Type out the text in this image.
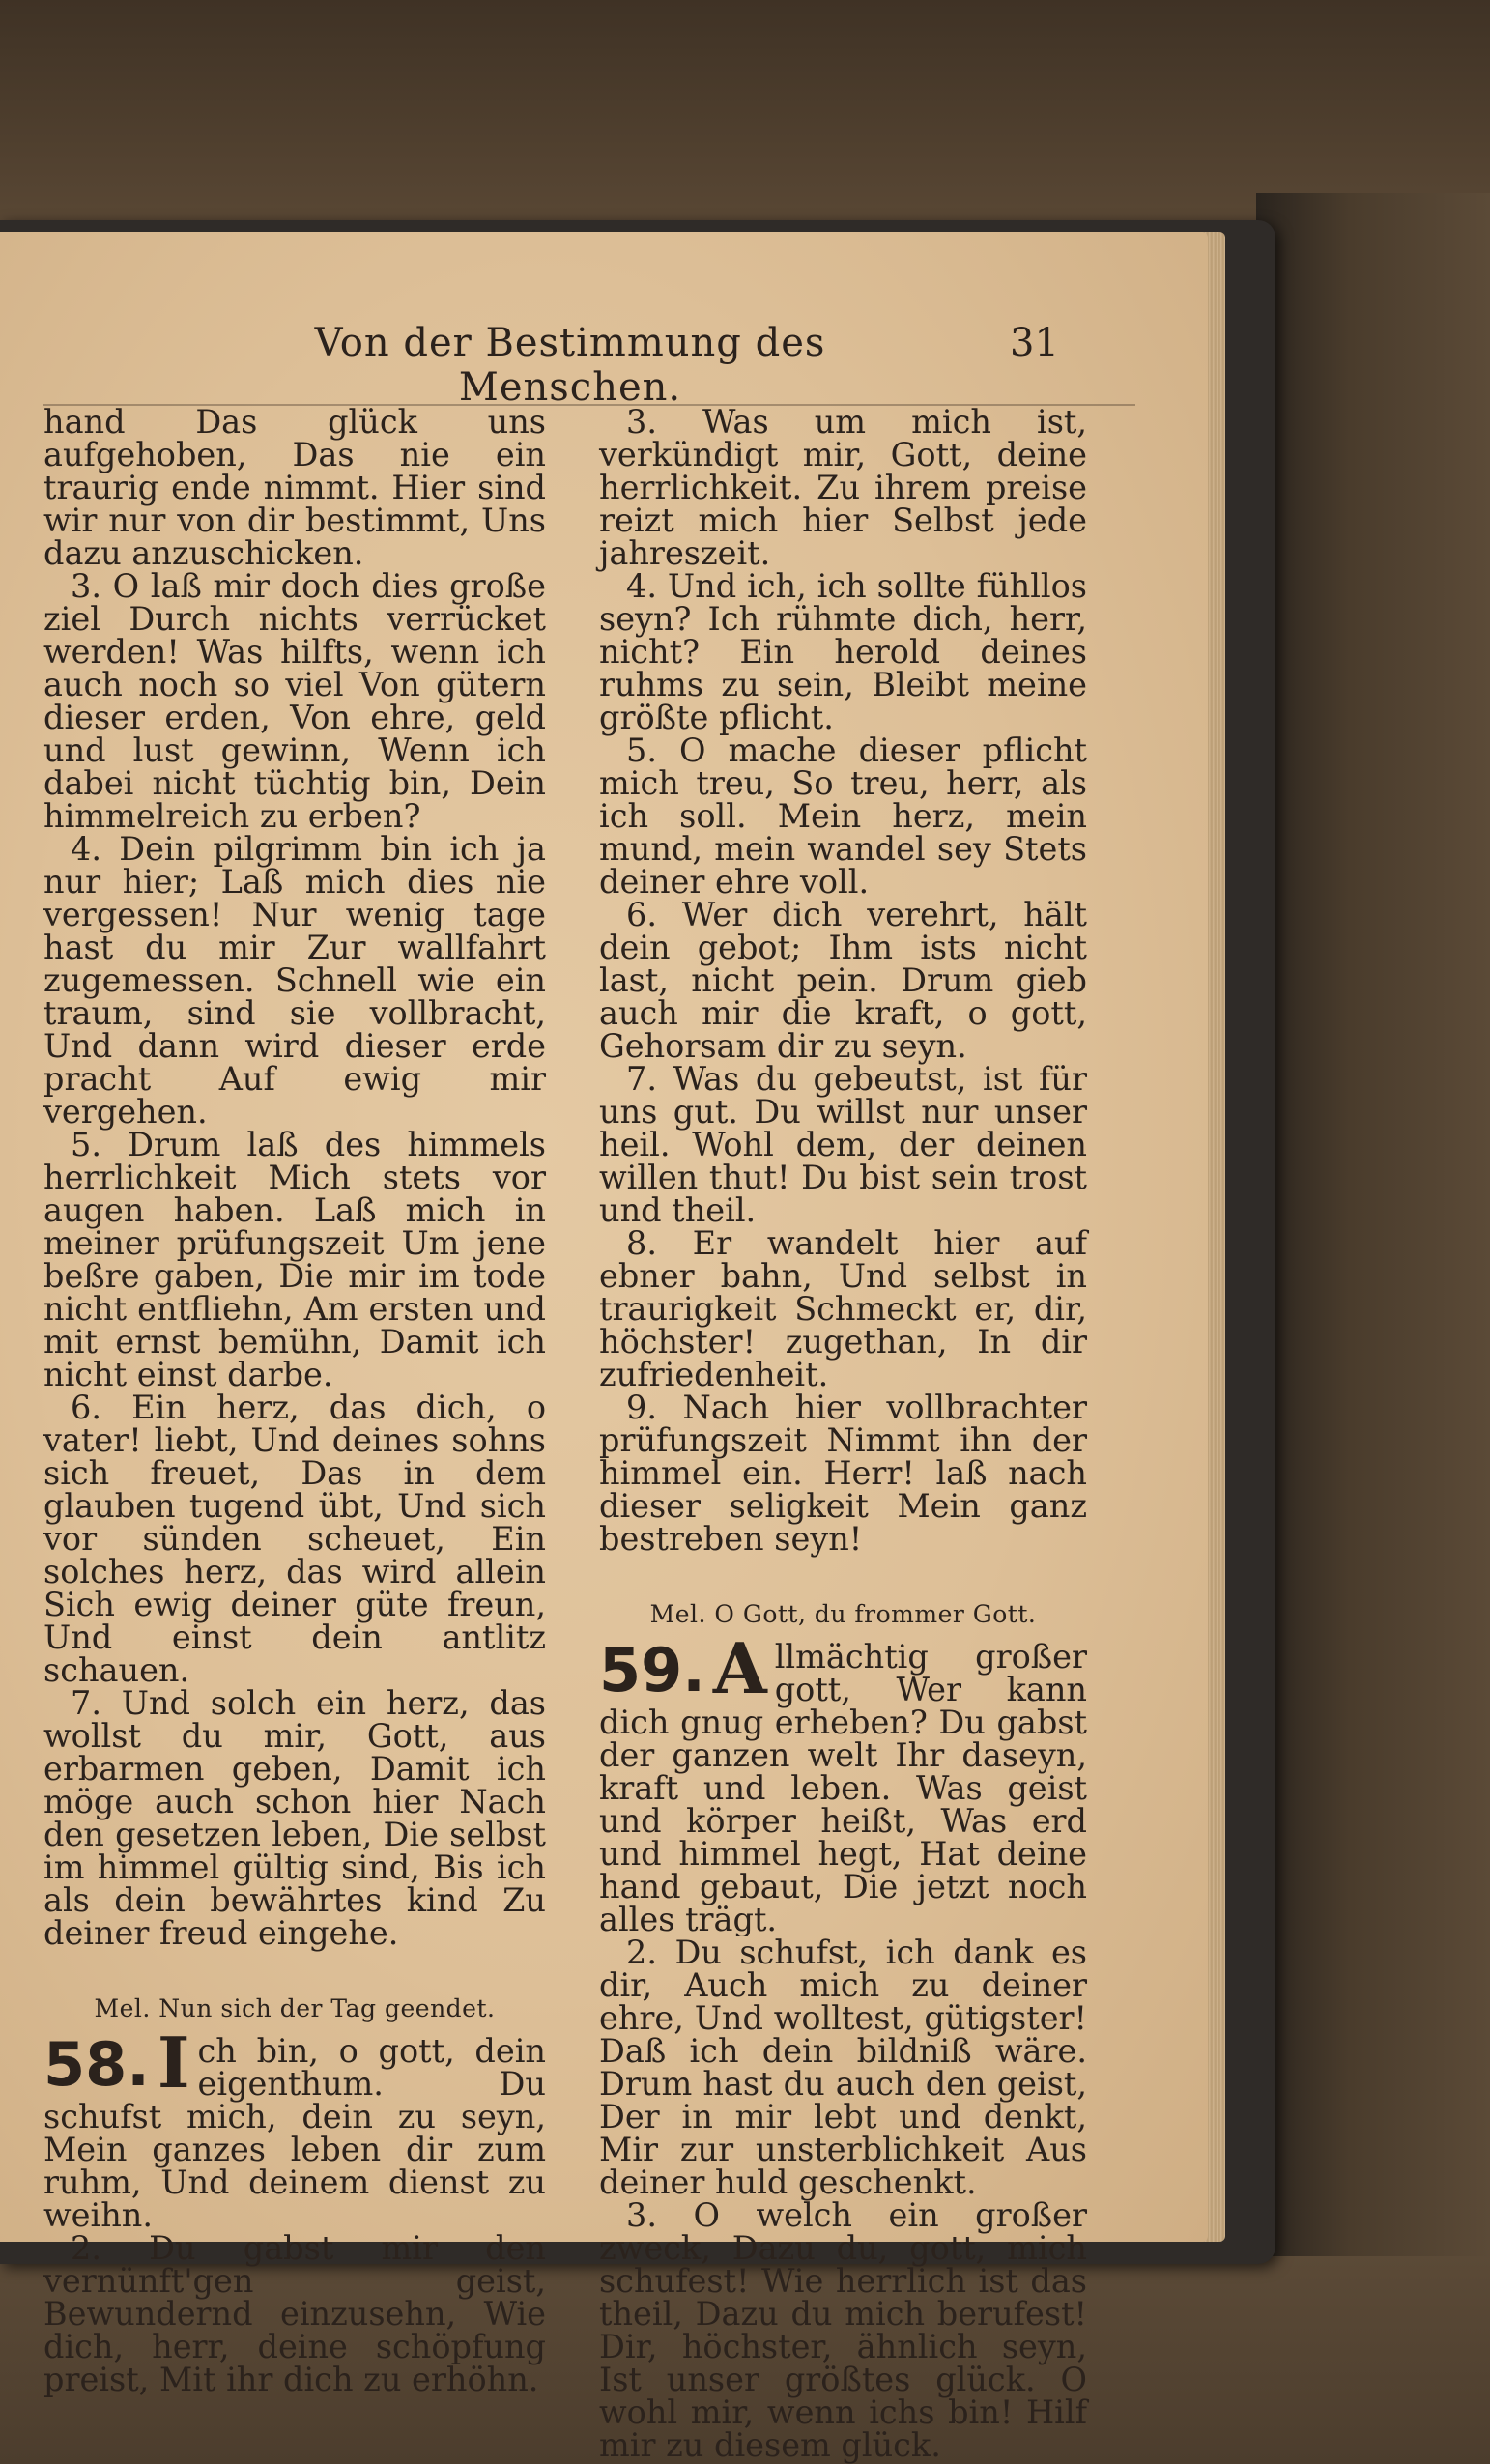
Von der Bestimmung des Menschen.
31

hand Das glück uns aufgehoben, Das nie ein traurig ende nimmt. Hier sind wir nur von dir bestimmt, Uns dazu anzuschicken.

3. O laß mir doch dies große ziel Durch nichts verrücket werden! Was hilfts, wenn ich auch noch so viel Von gütern dieser erden, Von ehre, geld und lust gewinn, Wenn ich dabei nicht tüchtig bin, Dein himmelreich zu erben?

4. Dein pilgrimm bin ich ja nur hier; Laß mich dies nie vergessen! Nur wenig tage hast du mir Zur wallfahrt zugemessen. Schnell wie ein traum, sind sie vollbracht, Und dann wird dieser erde pracht Auf ewig mir vergehen.

5. Drum laß des himmels herrlichkeit Mich stets vor augen haben. Laß mich in meiner prüfungszeit Um jene beßre gaben, Die mir im tode nicht entfliehn, Am ersten und mit ernst bemühn, Damit ich nicht einst darbe.

6. Ein herz, das dich, o vater! liebt, Und deines sohns sich freuet, Das in dem glauben tugend übt, Und sich vor sünden scheuet, Ein solches herz, das wird allein Sich ewig deiner güte freun, Und einst dein antlitz schauen.

7. Und solch ein herz, das wollst du mir, Gott, aus erbarmen geben, Damit ich möge auch schon hier Nach den gesetzen leben, Die selbst im himmel gültig sind, Bis ich als dein bewährtes kind Zu deiner freud eingehe.

Mel. Nun sich der Tag geendet.
58. I ch bin, o gott, dein eigenthum. Du schufst mich, dein zu seyn, Mein ganzes leben dir zum ruhm, Und deinem dienst zu weihn.

2. Du gabst mir den vernünft'gen geist, Bewundernd einzusehn, Wie dich, herr, deine schöpfung preist, Mit ihr dich zu erhöhn.

3. Was um mich ist, verkündigt mir, Gott, deine herrlichkeit. Zu ihrem preise reizt mich hier Selbst jede jahreszeit.

4. Und ich, ich sollte fühllos seyn? Ich rühmte dich, herr, nicht? Ein herold deines ruhms zu sein, Bleibt meine größte pflicht.

5. O mache dieser pflicht mich treu, So treu, herr, als ich soll. Mein herz, mein mund, mein wandel sey Stets deiner ehre voll.

6. Wer dich verehrt, hält dein gebot; Ihm ists nicht last, nicht pein. Drum gieb auch mir die kraft, o gott, Gehorsam dir zu seyn.

7. Was du gebeutst, ist für uns gut. Du willst nur unser heil. Wohl dem, der deinen willen thut! Du bist sein trost und theil.

8. Er wandelt hier auf ebner bahn, Und selbst in traurigkeit Schmeckt er, dir, höchster! zugethan, In dir zufriedenheit.

9. Nach hier vollbrachter prüfungszeit Nimmt ihn der himmel ein. Herr! laß nach dieser seligkeit Mein ganz bestreben seyn!

Mel. O Gott, du frommer Gott.
59. A llmächtig großer gott, Wer kann dich gnug erheben? Du gabst der ganzen welt Ihr daseyn, kraft und leben. Was geist und körper heißt, Was erd und himmel hegt, Hat deine hand gebaut, Die jetzt noch alles trägt.

2. Du schufst, ich dank es dir, Auch mich zu deiner ehre, Und wolltest, gütigster! Daß ich dein bildniß wäre. Drum hast du auch den geist, Der in mir lebt und denkt, Mir zur unsterblichkeit Aus deiner huld geschenkt.

3. O welch ein großer zweck, Dazu du, gott, mich schufest! Wie herrlich ist das theil, Dazu du mich berufest! Dir, höchster, ähnlich seyn, Ist unser größtes glück. O wohl mir, wenn ichs bin! Hilf mir zu diesem glück.
